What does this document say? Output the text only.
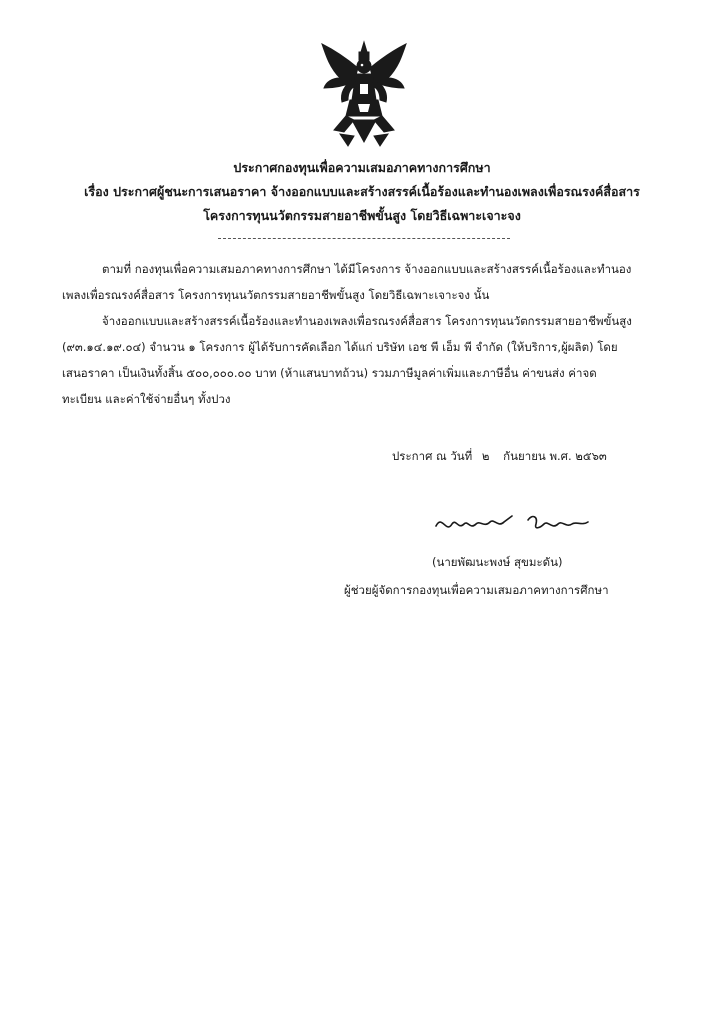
ประกาศกองทุนเพื่อความเสมอภาคทางการศึกษา
เรื่อง ประกาศผู้ชนะการเสนอราคา จ้างออกแบบและสร้างสรรค์เนื้อร้องและทำนองเพลงเพื่อรณรงค์สื่อสาร
โครงการทุนนวัตกรรมสายอาชีพขั้นสูง โดยวิธีเฉพาะเจาะจง
ตามที่ กองทุนเพื่อความเสมอภาคทางการศึกษา ได้มีโครงการ จ้างออกแบบและสร้างสรรค์เนื้อร้องและทำนอง
เพลงเพื่อรณรงค์สื่อสาร โครงการทุนนวัตกรรมสายอาชีพขั้นสูง โดยวิธีเฉพาะเจาะจง นั้น
จ้างออกแบบและสร้างสรรค์เนื้อร้องและทำนองเพลงเพื่อรณรงค์สื่อสาร โครงการทุนนวัตกรรมสายอาชีพขั้นสูง
(๙๓.๑๔.๑๙.๐๔) จำนวน ๑ โครงการ ผู้ได้รับการคัดเลือก ได้แก่ บริษัท เอช พี เอ็ม พี จำกัด (ให้บริการ,ผู้ผลิต) โดย
เสนอราคา เป็นเงินทั้งสิ้น ๕๐๐,๐๐๐.๐๐ บาท (ห้าแสนบาทถ้วน) รวมภาษีมูลค่าเพิ่มและภาษีอื่น ค่าขนส่ง ค่าจด
ทะเบียน และค่าใช้จ่ายอื่นๆ ทั้งปวง
ประกาศ ณ วันที่ ๒ กันยายน พ.ศ. ๒๕๖๓
(นายพัฒนะพงษ์ สุขมะดัน)
ผู้ช่วยผู้จัดการกองทุนเพื่อความเสมอภาคทางการศึกษา
